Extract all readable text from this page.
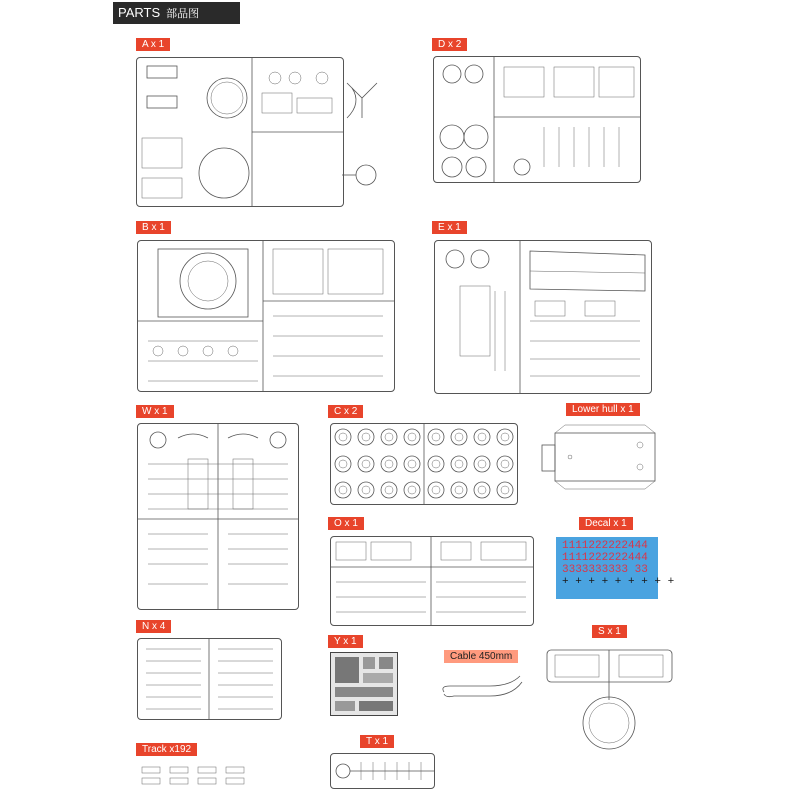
PARTS 部品图
A x 1	D x 2
B x 1	E x 1
W x 1	C x 2	Lower hull x 1
O x 1	Decal x 1
N x 4
Y x 1
Cable 450mm
S x 1
Track x192
T x 1
1111222222444
1111222222444
3333333333 33
+ + + + + + + + +
